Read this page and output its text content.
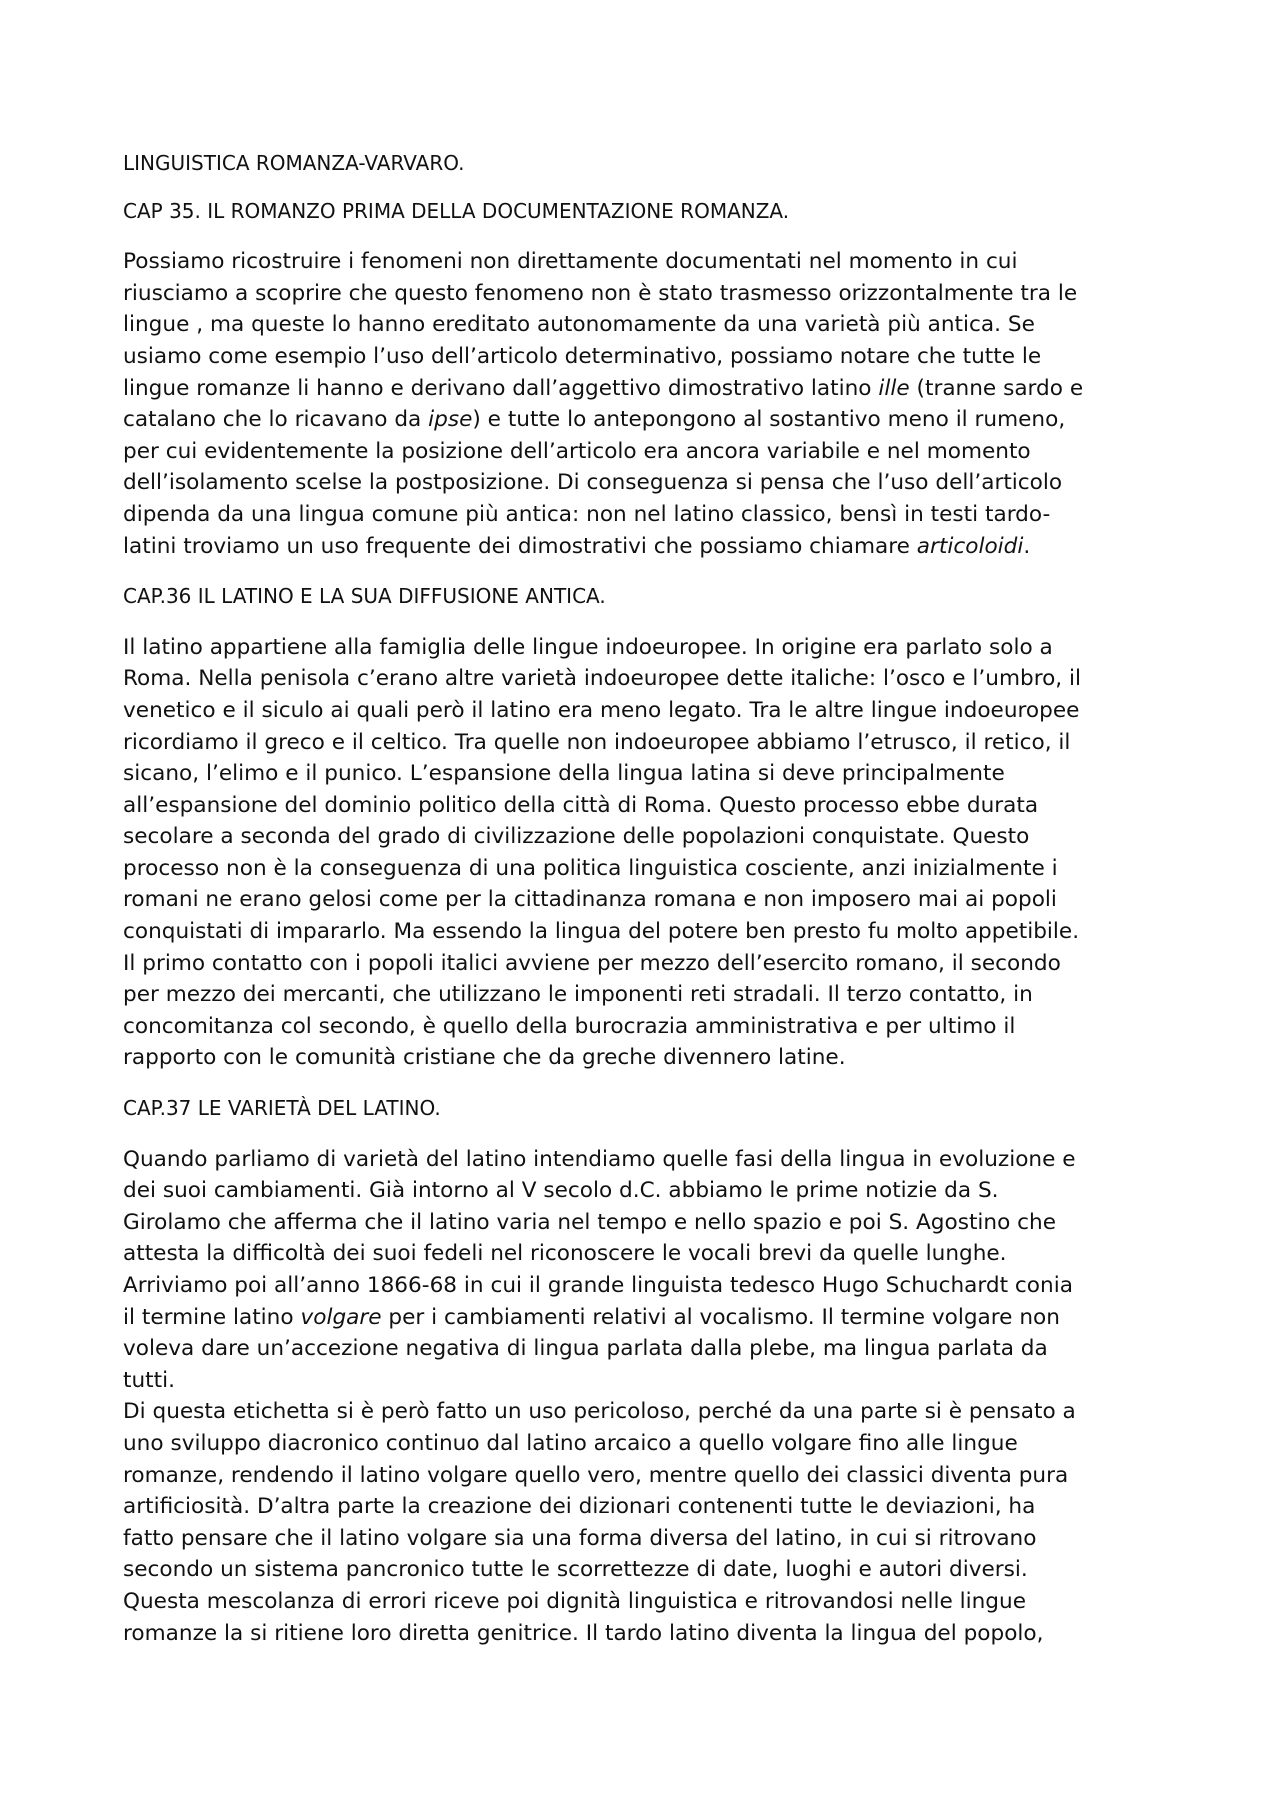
LINGUISTICA ROMANZA-VARVARO.
CAP 35. IL ROMANZO PRIMA DELLA DOCUMENTAZIONE ROMANZA.
Possiamo ricostruire i fenomeni non direttamente documentati nel momento in cui
riusciamo a scoprire che questo fenomeno non è stato trasmesso orizzontalmente tra le
lingue , ma queste lo hanno ereditato autonomamente da una varietà più antica. Se
usiamo come esempio l’uso dell’articolo determinativo, possiamo notare che tutte le
lingue romanze li hanno e derivano dall’aggettivo dimostrativo latino ille (tranne sardo e
catalano che lo ricavano da ipse) e tutte lo antepongono al sostantivo meno il rumeno,
per cui evidentemente la posizione dell’articolo era ancora variabile e nel momento
dell’isolamento scelse la postposizione. Di conseguenza si pensa che l’uso dell’articolo
dipenda da una lingua comune più antica: non nel latino classico, bensì in testi tardo-
latini troviamo un uso frequente dei dimostrativi che possiamo chiamare articoloidi.
CAP.36 IL LATINO E LA SUA DIFFUSIONE ANTICA.
Il latino appartiene alla famiglia delle lingue indoeuropee. In origine era parlato solo a
Roma. Nella penisola c’erano altre varietà indoeuropee dette italiche: l’osco e l’umbro, il
venetico e il siculo ai quali però il latino era meno legato. Tra le altre lingue indoeuropee
ricordiamo il greco e il celtico. Tra quelle non indoeuropee abbiamo l’etrusco, il retico, il
sicano, l’elimo e il punico. L’espansione della lingua latina si deve principalmente
all’espansione del dominio politico della città di Roma. Questo processo ebbe durata
secolare a seconda del grado di civilizzazione delle popolazioni conquistate. Questo
processo non è la conseguenza di una politica linguistica cosciente, anzi inizialmente i
romani ne erano gelosi come per la cittadinanza romana e non imposero mai ai popoli
conquistati di impararlo. Ma essendo la lingua del potere ben presto fu molto appetibile.
Il primo contatto con i popoli italici avviene per mezzo dell’esercito romano, il secondo
per mezzo dei mercanti, che utilizzano le imponenti reti stradali. Il terzo contatto, in
concomitanza col secondo, è quello della burocrazia amministrativa e per ultimo il
rapporto con le comunità cristiane che da greche divennero latine.
CAP.37 LE VARIETÀ DEL LATINO.
Quando parliamo di varietà del latino intendiamo quelle fasi della lingua in evoluzione e
dei suoi cambiamenti. Già intorno al V secolo d.C. abbiamo le prime notizie da S.
Girolamo che afferma che il latino varia nel tempo e nello spazio e poi S. Agostino che
attesta la difficoltà dei suoi fedeli nel riconoscere le vocali brevi da quelle lunghe.
Arriviamo poi all’anno 1866-68 in cui il grande linguista tedesco Hugo Schuchardt conia
il termine latino volgare per i cambiamenti relativi al vocalismo. Il termine volgare non
voleva dare un’accezione negativa di lingua parlata dalla plebe, ma lingua parlata da
tutti.
Di questa etichetta si è però fatto un uso pericoloso, perché da una parte si è pensato a
uno sviluppo diacronico continuo dal latino arcaico a quello volgare fino alle lingue
romanze, rendendo il latino volgare quello vero, mentre quello dei classici diventa pura
artificiosità. D’altra parte la creazione dei dizionari contenenti tutte le deviazioni, ha
fatto pensare che il latino volgare sia una forma diversa del latino, in cui si ritrovano
secondo un sistema pancronico tutte le scorrettezze di date, luoghi e autori diversi.
Questa mescolanza di errori riceve poi dignità linguistica e ritrovandosi nelle lingue
romanze la si ritiene loro diretta genitrice. Il tardo latino diventa la lingua del popolo,
